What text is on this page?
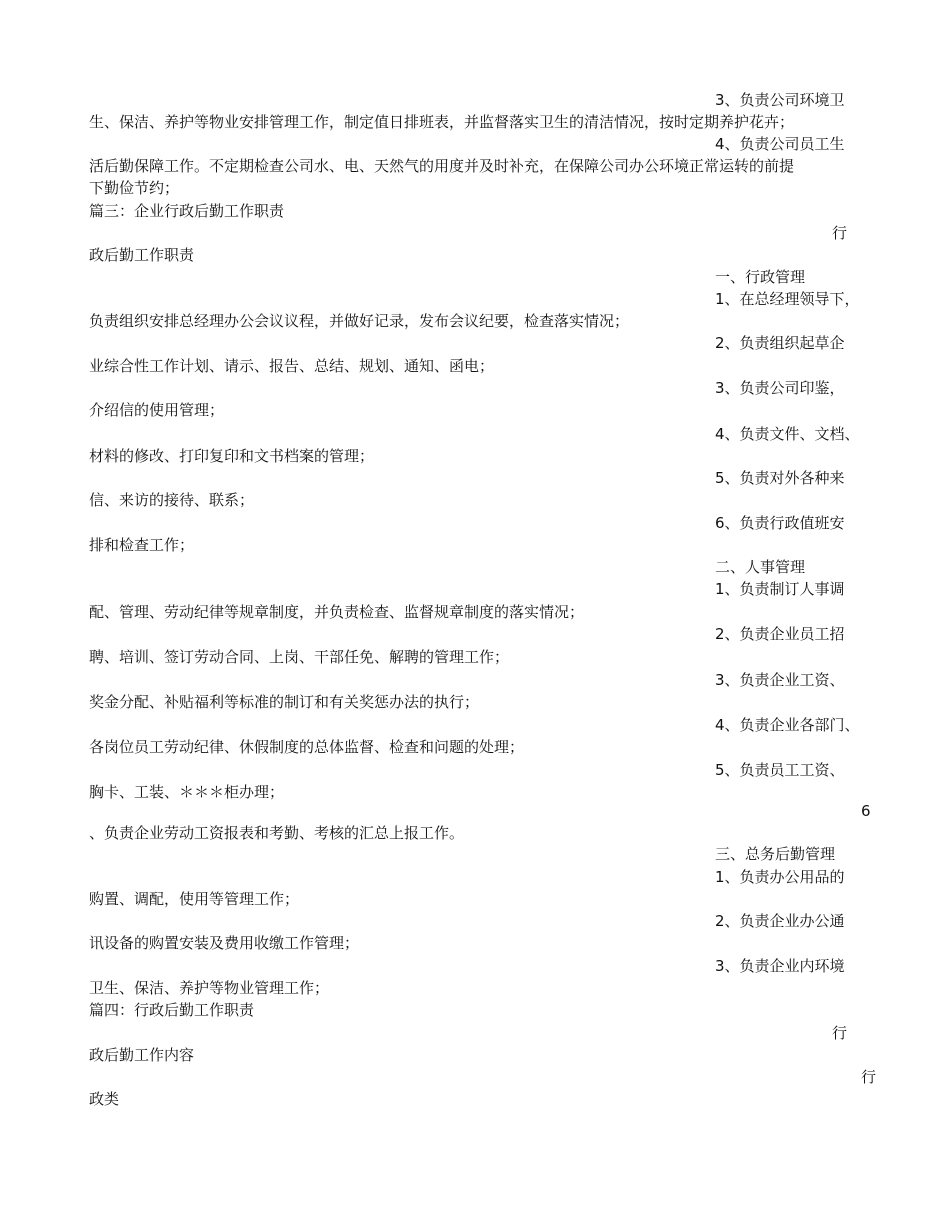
3、负责公司环境卫
生、保洁、养护等物业安排管理工作，制定值日排班表，并监督落实卫生的清洁情况，按时定期养护花卉；
4、负责公司员工生
活后勤保障工作。不定期检查公司水、电、天然气的用度并及时补充，在保障公司办公环境正常运转的前提
下勤俭节约；
篇三：企业行政后勤工作职责
行
政后勤工作职责
一、行政管理
1、在总经理领导下，
负责组织安排总经理办公会议议程，并做好记录，发布会议纪要，检查落实情况；
2、负责组织起草企
业综合性工作计划、请示、报告、总结、规划、通知、函电；
3、负责公司印鉴，
介绍信的使用管理；
4、负责文件、文档、
材料的修改、打印复印和文书档案的管理；
5、负责对外各种来
信、来访的接待、联系；
6、负责行政值班安
排和检查工作；
二、人事管理
1、负责制订人事调
配、管理、劳动纪律等规章制度，并负责检查、监督规章制度的落实情况；
2、负责企业员工招
聘、培训、签订劳动合同、上岗、干部任免、解聘的管理工作；
3、负责企业工资、
奖金分配、补贴福利等标准的制订和有关奖惩办法的执行；
4、负责企业各部门、
各岗位员工劳动纪律、休假制度的总体监督、检查和问题的处理；
5、负责员工工资、
胸卡、工装、＊＊＊柜办理；
6
、负责企业劳动工资报表和考勤、考核的汇总上报工作。
三、总务后勤管理
1、负责办公用品的
购置、调配，使用等管理工作；
2、负责企业办公通
讯设备的购置安装及费用收缴工作管理；
3、负责企业内环境
卫生、保洁、养护等物业管理工作；
篇四：行政后勤工作职责
行
政后勤工作内容
行
政类
